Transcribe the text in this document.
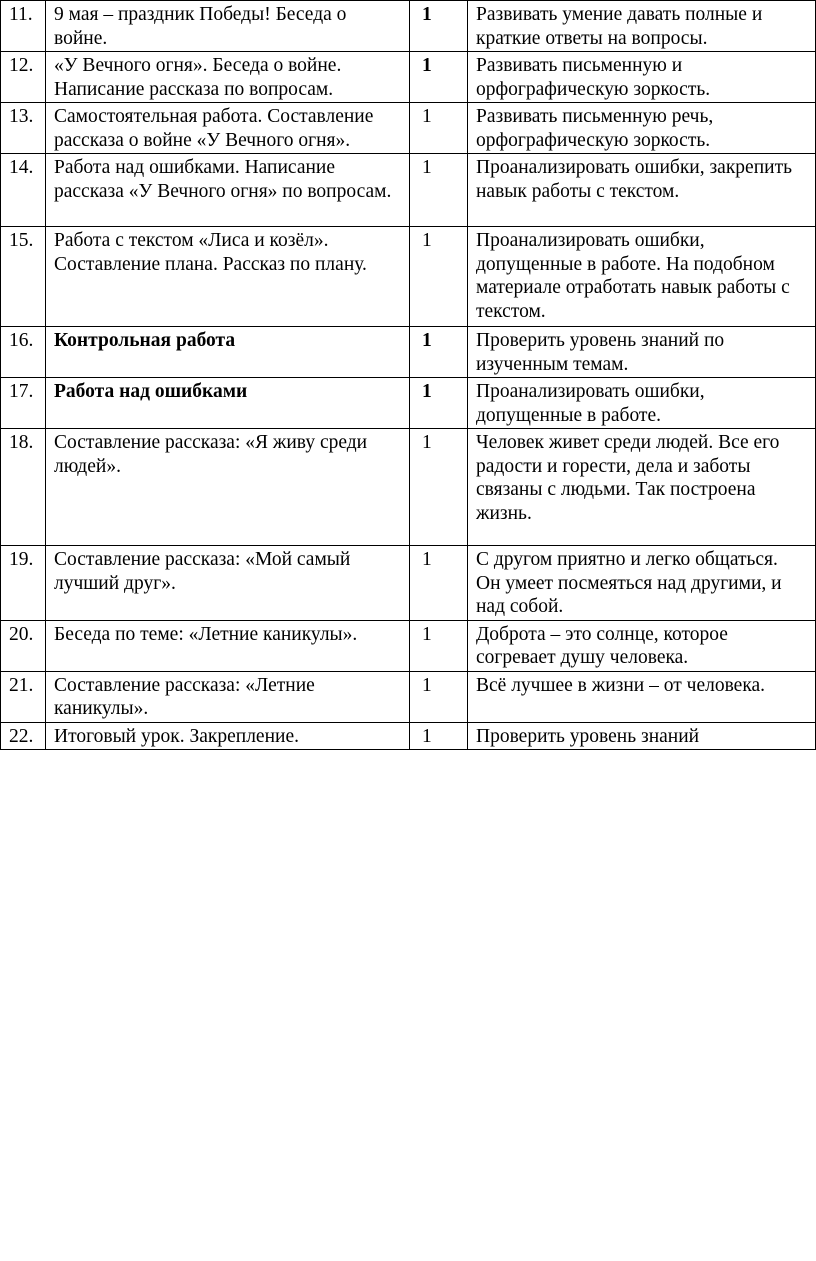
11.	9 мая – праздник Победы! Беседа о войне.	1	Развивать умение давать полные и краткие ответы на вопросы.
12.	«У Вечного огня». Беседа о войне. Написание рассказа по вопросам.	1	Развивать письменную и орфографическую зоркость.
13.	Самостоятельная работа. Составление рассказа о войне «У Вечного огня».	1	Развивать письменную речь, орфографическую зоркость.
14.	Работа над ошибками. Написание рассказа «У Вечного огня» по вопросам.	1	Проанализировать ошибки, закрепить навык работы с текстом.
15.	Работа с текстом «Лиса и козёл». Составление плана. Рассказ по плану.	1	Проанализировать ошибки, допущенные в работе. На подобном материале отработать навык работы с текстом.
16.	Контрольная работа	1	Проверить уровень знаний по изученным темам.
17.	Работа над ошибками	1	Проанализировать ошибки, допущенные в работе.
18.	Составление рассказа: «Я живу среди людей».	1	Человек живет среди людей. Все его радости и горести, дела и заботы связаны с людьми. Так построена жизнь.
19.	Составление рассказа: «Мой самый лучший друг».	1	С другом приятно и легко общаться. Он умеет посмеяться над другими, и над собой.
20.	Беседа по теме: «Летние каникулы».	1	Доброта – это солнце, которое согревает душу человека.
21.	Составление рассказа: «Летние каникулы».	1	Всё лучшее в жизни – от человека.
22.	Итоговый урок. Закрепление.	1	Проверить уровень знаний
